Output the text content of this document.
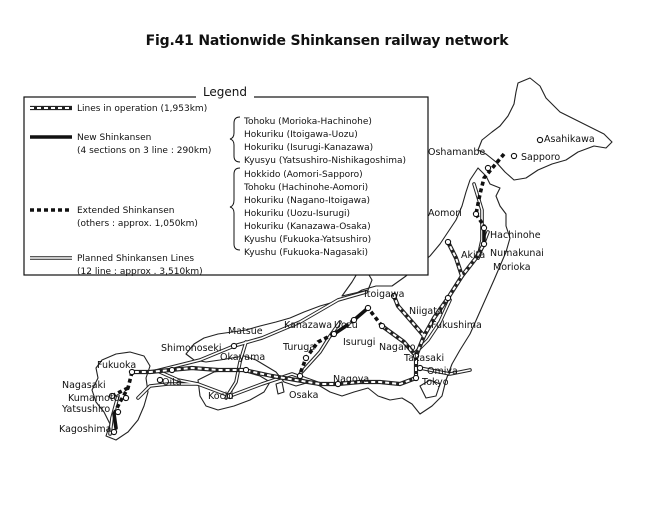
Fig.41 Nationwide Shinkansen railway network
Asahikawa
Oshamanbe	Sapporo
Aomori
Hachinohe
Akita Numakunai
Morioka
Itoigawa
Niigata
Fukushima
Kanazawa Uozu
Turuga	Isurugi Nagano
Takasaki
Omiya
Tokyo
Nagoya
Osaka
Okayama
Matsue
Shimonoseki
Fukuoka
Oita
Kochi
Nagasaki
Kumamoto
Yatsushiro
Kagoshima
Legend
Lines in operation (1,953km)
New Shinkansen
(4 sections on 3 line : 290km)
Extended Shinkansen
(others : approx. 1,050km)
Planned Shinkansen Lines
(12 line : approx . 3,510km)
Tohoku (Morioka-Hachinohe)
Hokuriku (Itoigawa-Uozu)
Hokuriku (Isurugi-Kanazawa)
Kyusyu (Yatsushiro-Nishikagoshima)
Hokkido (Aomori-Sapporo)
Tohoku (Hachinohe-Aomori)
Hokuriku (Nagano-Itoigawa)
Hokuriku (Uozu-Isurugi)
Hokuriku (Kanazawa-Osaka)
Kyushu (Fukuoka-Yatsushiro)
Kyushu (Fukuoka-Nagasaki)
